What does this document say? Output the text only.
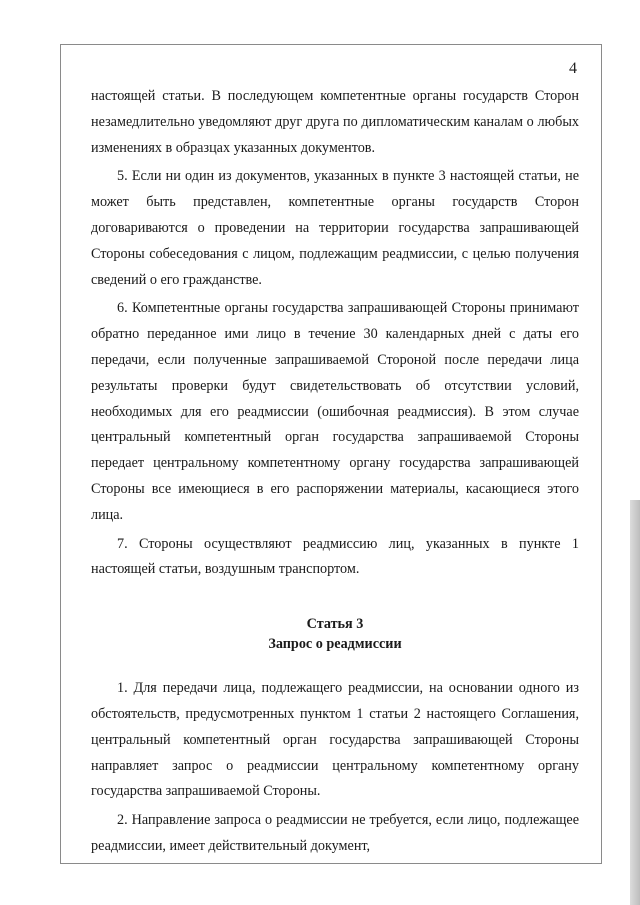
4

настоящей статьи. В последующем компетентные органы государств Сторон незамедлительно уведомляют друг друга по дипломатическим каналам о любых изменениях в образцах указанных документов.

5. Если ни один из документов, указанных в пункте 3 настоящей статьи, не может быть представлен, компетентные органы государств Сторон договариваются о проведении на территории государства запрашивающей Стороны собеседования с лицом, подлежащим реадмиссии, с целью получения сведений о его гражданстве.

6. Компетентные органы государства запрашивающей Стороны принимают обратно переданное ими лицо в течение 30 календарных дней с даты его передачи, если полученные запрашиваемой Стороной после передачи лица результаты проверки будут свидетельствовать об отсутствии условий, необходимых для его реадмиссии (ошибочная реадмиссия). В этом случае центральный компетентный орган государства запрашиваемой Стороны передает центральному компетентному органу государства запрашивающей Стороны все имеющиеся в его распоряжении материалы, касающиеся этого лица.

7. Стороны осуществляют реадмиссию лиц, указанных в пункте 1 настоящей статьи, воздушным транспортом.

Статья 3
Запрос о реадмиссии

1. Для передачи лица, подлежащего реадмиссии, на основании одного из обстоятельств, предусмотренных пунктом 1 статьи 2 настоящего Соглашения, центральный компетентный орган государства запрашивающей Стороны направляет запрос о реадмиссии центральному компетентному органу государства запрашиваемой Стороны.

2. Направление запроса о реадмиссии не требуется, если лицо, подлежащее реадмиссии, имеет действительный документ,
